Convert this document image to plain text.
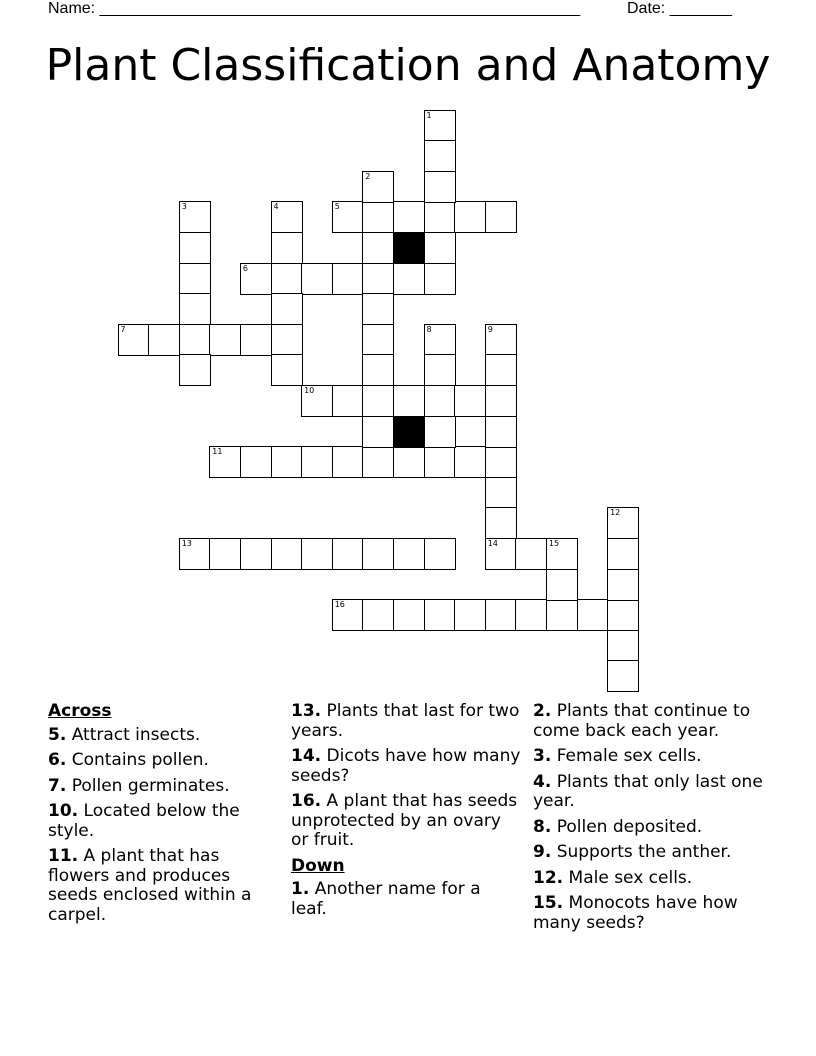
Name: ______________________________________________________	Date: _______
Plant Classification and Anatomy
5
6
7
10
11
13	14	15
16
1
2
3	4
8	9
12
Across
5. Attract insects.
6. Contains pollen.
7. Pollen germinates.
10. Located below the style.
11. A plant that has flowers and produces seeds enclosed within a carpel.
13. Plants that last for two years.
14. Dicots have how many seeds?
16. A plant that has seeds unprotected by an ovary or fruit.
Down
1. Another name for a leaf.
2. Plants that continue to come back each year.
3. Female sex cells.
4. Plants that only last one year.
8. Pollen deposited.
9. Supports the anther.
12. Male sex cells.
15. Monocots have how many seeds?
